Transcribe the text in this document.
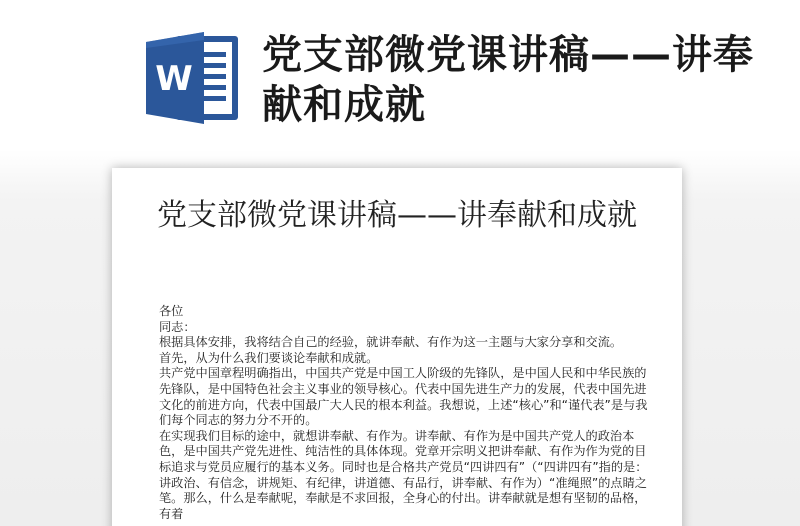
W
党支部微党课讲稿——讲奉献和成就
党支部微党课讲稿——讲奉献和成就

各位

同志：

根据具体安排，我将结合自己的经验，就讲奉献、有作为这一主题与大家分享和交流。

首先，从为什么我们要谈论奉献和成就。

共产党中国章程明确指出，中国共产党是中国工人阶级的先锋队，是中国人民和中华民族的先锋队，是中国特色社会主义事业的领导核心。代表中国先进生产力的发展，代表中国先进文化的前进方向，代表中国最广大人民的根本利益。我想说，上述“核心”和“谨代表”是与我们每个同志的努力分不开的。

在实现我们目标的途中，就想讲奉献、有作为。讲奉献、有作为是中国共产党人的政治本色，是中国共产党先进性、纯洁性的具体体现。党章开宗明义把讲奉献、有作为作为党的目标追求与党员应履行的基本义务。同时也是合格共产党员“四讲四有”（“四讲四有”指的是：讲政治、有信念，讲规矩、有纪律，讲道德、有品行，讲奉献、有作为）“准绳照”的点睛之笔。那么，什么是奉献呢，奉献是不求回报，全身心的付出。讲奉献就是想有坚韧的品格，有着
